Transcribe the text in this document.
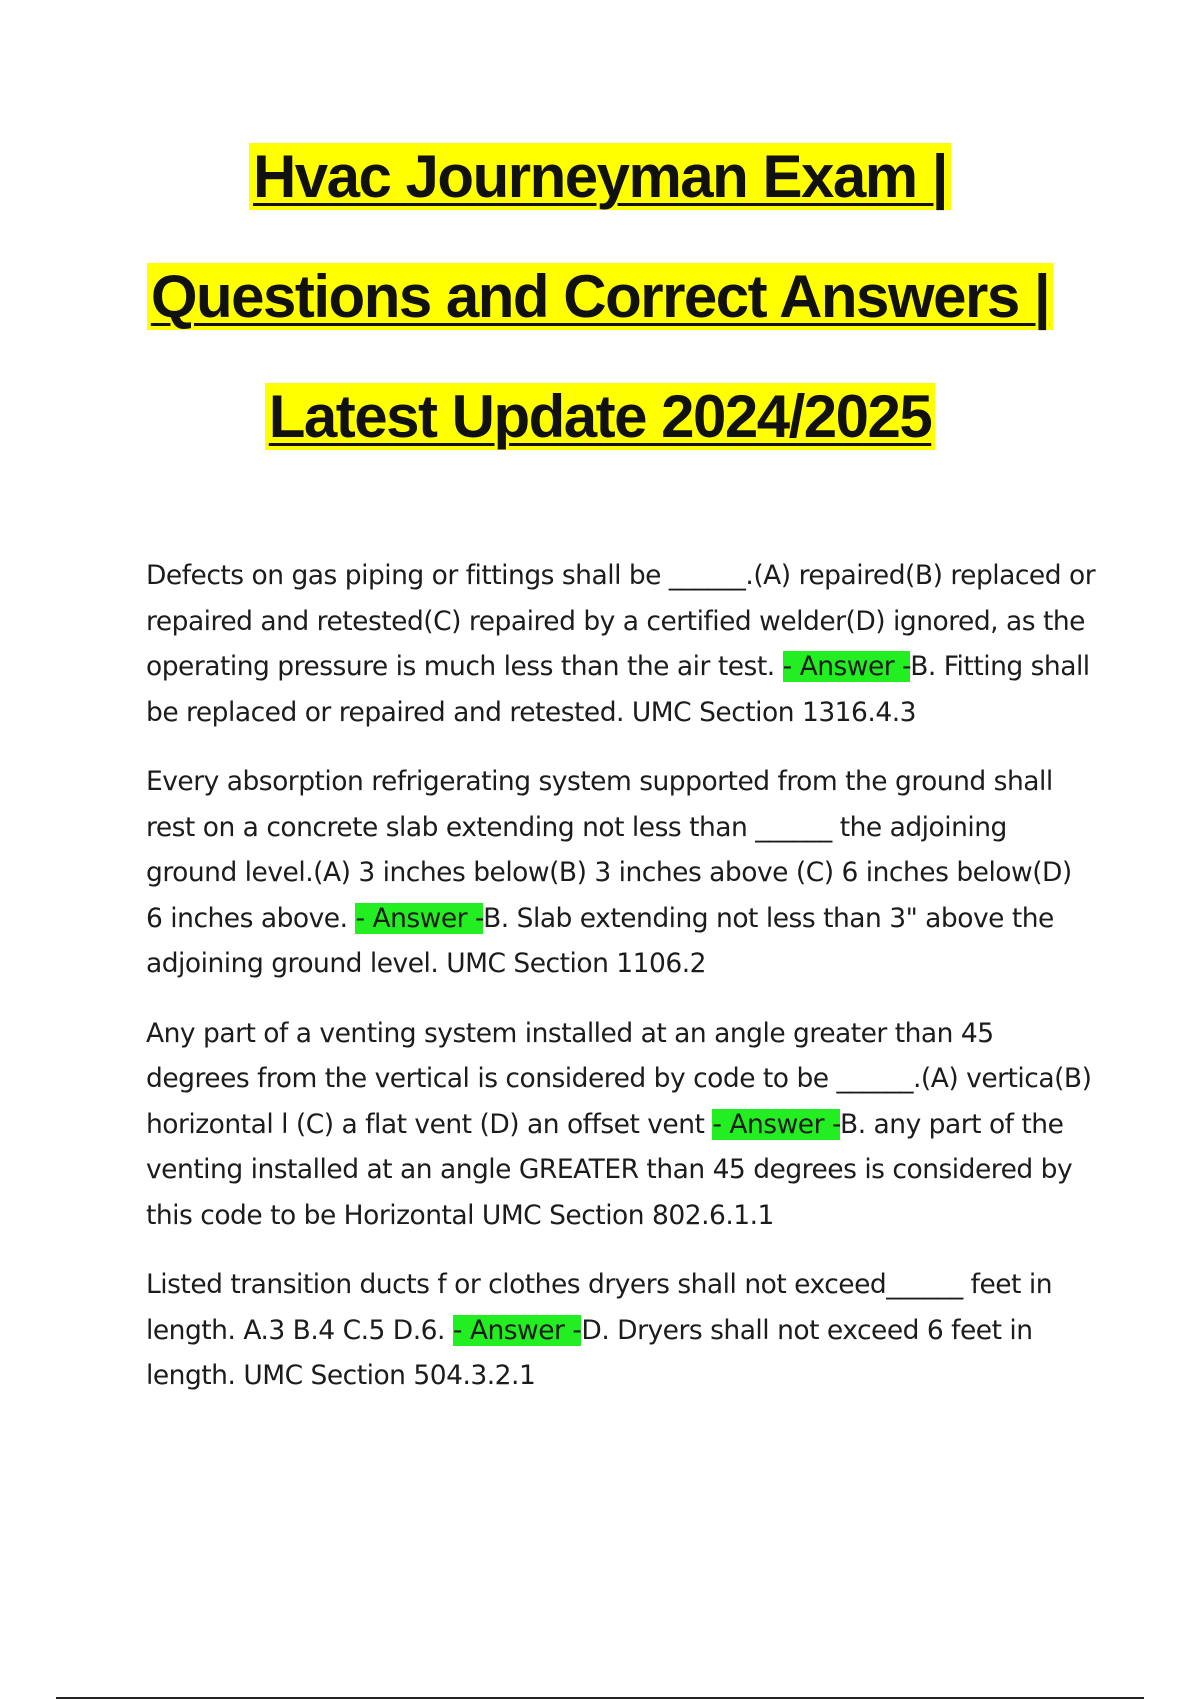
Hvac Journeyman Exam |
Questions and Correct Answers |
Latest Update 2024/2025

Defects on gas piping or fittings shall be ______.(A) repaired(B) replaced or repaired and retested(C) repaired by a certified welder(D) ignored, as the operating pressure is much less than the air test. - Answer -B. Fitting shall be replaced or repaired and retested. UMC Section 1316.4.3

Every absorption refrigerating system supported from the ground shall rest on a concrete slab extending not less than ______ the adjoining ground level.(A) 3 inches below(B) 3 inches above (C) 6 inches below(D) 6 inches above. - Answer -B. Slab extending not less than 3" above the adjoining ground level. UMC Section 1106.2

Any part of a venting system installed at an angle greater than 45 degrees from the vertical is considered by code to be ______.(A) vertica(B) horizontal l (C) a flat vent (D) an offset vent - Answer -B. any part of the venting installed at an angle GREATER than 45 degrees is considered by this code to be Horizontal UMC Section 802.6.1.1

Listed transition ducts f or clothes dryers shall not exceed______ feet in length. A.3 B.4 C.5 D.6. - Answer -D. Dryers shall not exceed 6 feet in length. UMC Section 504.3.2.1
